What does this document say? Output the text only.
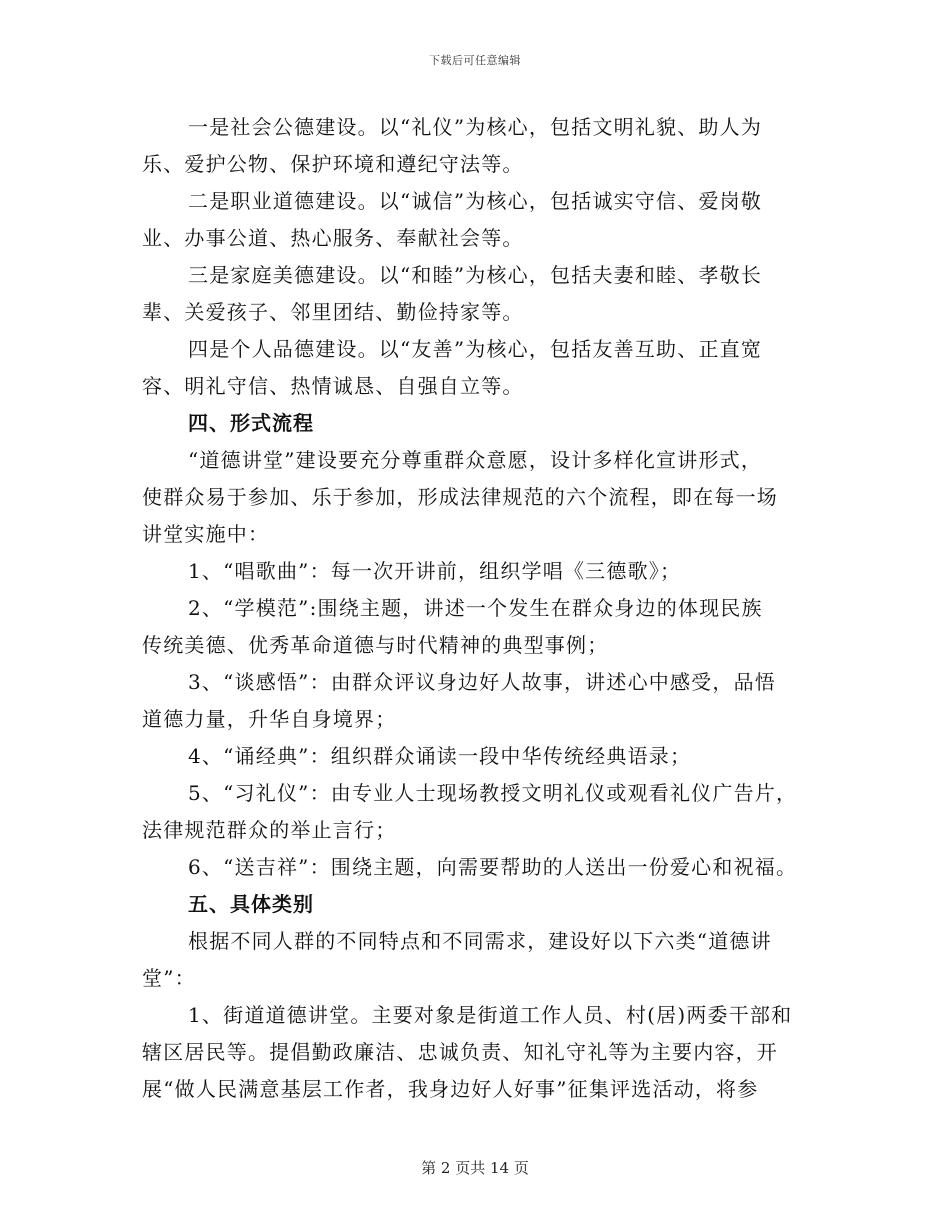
下载后可任意编辑
一是社会公德建设。以“礼仪”为核心，包括文明礼貌、助人为
乐、爱护公物、保护环境和遵纪守法等。
二是职业道德建设。以“诚信”为核心，包括诚实守信、爱岗敬
业、办事公道、热心服务、奉献社会等。
三是家庭美德建设。以“和睦”为核心，包括夫妻和睦、孝敬长
辈、关爱孩子、邻里团结、勤俭持家等。
四是个人品德建设。以“友善”为核心，包括友善互助、正直宽
容、明礼守信、热情诚恳、自强自立等。
四、形式流程
“道德讲堂”建设要充分尊重群众意愿，设计多样化宣讲形式，
使群众易于参加、乐于参加，形成法律规范的六个流程，即在每一场
讲堂实施中：
1、“唱歌曲”：每一次开讲前，组织学唱《三德歌》；
2、“学模范”:围绕主题，讲述一个发生在群众身边的体现民族
传统美德、优秀革命道德与时代精神的典型事例；
3、“谈感悟”：由群众评议身边好人故事，讲述心中感受，品悟
道德力量，升华自身境界；
4、“诵经典”：组织群众诵读一段中华传统经典语录；
5、“习礼仪”：由专业人士现场教授文明礼仪或观看礼仪广告片，
法律规范群众的举止言行；
6、“送吉祥”：围绕主题，向需要帮助的人送出一份爱心和祝福。
五、具体类别
根据不同人群的不同特点和不同需求，建设好以下六类“道德讲
堂”：
1、街道道德讲堂。主要对象是街道工作人员、村(居)两委干部和
辖区居民等。提倡勤政廉洁、忠诚负责、知礼守礼等为主要内容，开
展“做人民满意基层工作者，我身边好人好事”征集评选活动，将参
第 2 页共 14 页
